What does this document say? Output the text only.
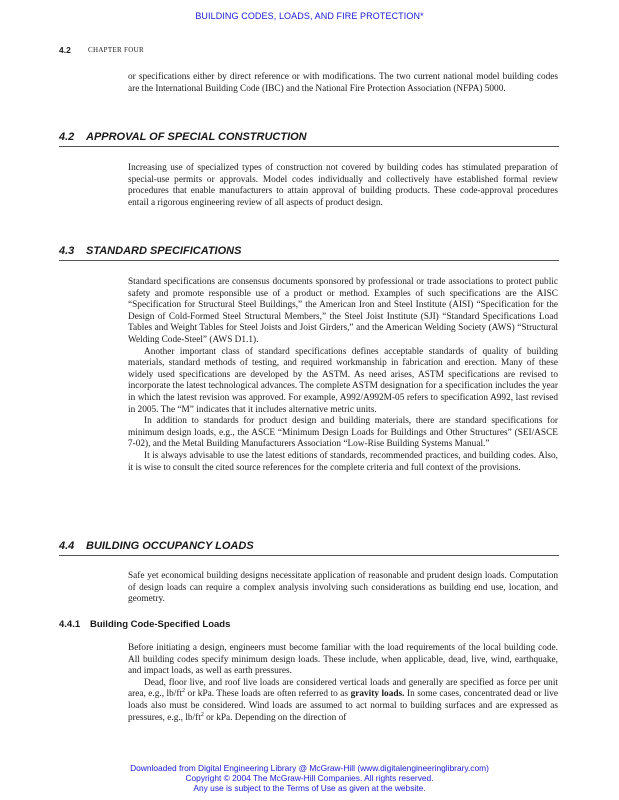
BUILDING CODES, LOADS, AND FIRE PROTECTION*
4.2 CHAPTER FOUR

or specifications either by direct reference or with modifications. The two current national model building codes are the International Building Code (IBC) and the National Fire Protection Association (NFPA) 5000.

4.2 APPROVAL OF SPECIAL CONSTRUCTION

Increasing use of specialized types of construction not covered by building codes has stimulated preparation of special-use permits or approvals. Model codes individually and collectively have established formal review procedures that enable manufacturers to attain approval of building products. These code-approval procedures entail a rigorous engineering review of all aspects of product design.

4.3 STANDARD SPECIFICATIONS

Standard specifications are consensus documents sponsored by professional or trade associations to protect public safety and promote responsible use of a product or method. Examples of such specifications are the AISC “Specification for Structural Steel Buildings,” the American Iron and Steel Institute (AISI) “Specification for the Design of Cold-Formed Steel Structural Members,” the Steel Joist Institute (SJI) “Standard Specifications Load Tables and Weight Tables for Steel Joists and Joist Girders,” and the American Welding Society (AWS) “Structural Welding Code-Steel” (AWS D1.1).

Another important class of standard specifications defines acceptable standards of quality of building materials, standard methods of testing, and required workmanship in fabrication and erection. Many of these widely used specifications are developed by the ASTM. As need arises, ASTM specifications are revised to incorporate the latest technological advances. The complete ASTM designation for a specification includes the year in which the latest revision was approved. For example, A992/A992M-05 refers to specification A992, last revised in 2005. The “M” indicates that it includes alternative metric units.

In addition to standards for product design and building materials, there are standard specifications for minimum design loads, e.g., the ASCE “Minimum Design Loads for Buildings and Other Structures” (SEI/ASCE 7-02), and the Metal Building Manufacturers Association “Low-Rise Building Systems Manual.”

It is always advisable to use the latest editions of standards, recommended practices, and building codes. Also, it is wise to consult the cited source references for the complete criteria and full context of the provisions.

4.4 BUILDING OCCUPANCY LOADS

Safe yet economical building designs necessitate application of reasonable and prudent design loads. Computation of design loads can require a complex analysis involving such considerations as building end use, location, and geometry.

4.4.1 Building Code-Specified Loads

Before initiating a design, engineers must become familiar with the load requirements of the local building code. All building codes specify minimum design loads. These include, when applicable, dead, live, wind, earthquake, and impact loads, as well as earth pressures.

Dead, floor live, and roof live loads are considered vertical loads and generally are specified as force per unit area, e.g., $lb/ft^2$ or kPa. These loads are often referred to as gravity loads. In some cases, concentrated dead or live loads also must be considered. Wind loads are assumed to act normal to building surfaces and are expressed as pressures, e.g., $lb/ft^2$ or kPa. Depending on the direction of

Downloaded from Digital Engineering Library @ McGraw-Hill (www.digitalengineeringlibrary.com)
Copyright © 2004 The McGraw-Hill Companies. All rights reserved.
Any use is subject to the Terms of Use as given at the website.
